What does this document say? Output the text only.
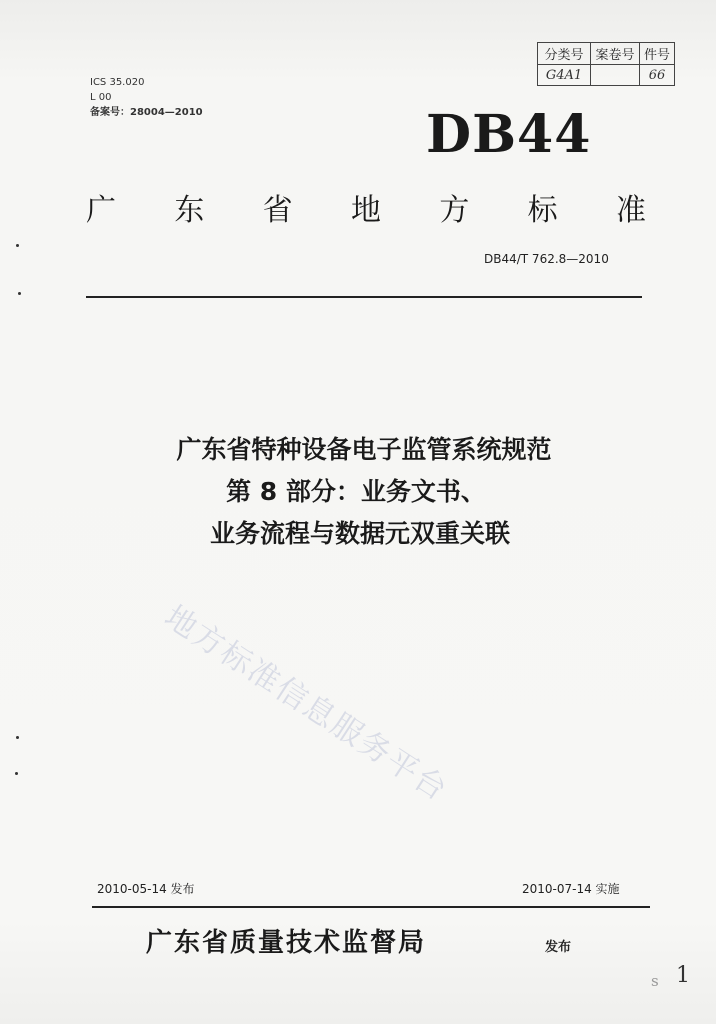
分类号	案卷号	件号
G4A1		66
ICS 35.020
L 00
备案号：28004—2010	DB44
广 东 省 地 方 标 准
DB44/T 762.8—2010
广东省特种设备电子监管系统规范
第 8 部分：业务文书、
业务流程与数据元双重关联
地方标准信息服务平台
2010-05-14 发布	2010-07-14 实施
广东省质量技术监督局	发布
s 1
